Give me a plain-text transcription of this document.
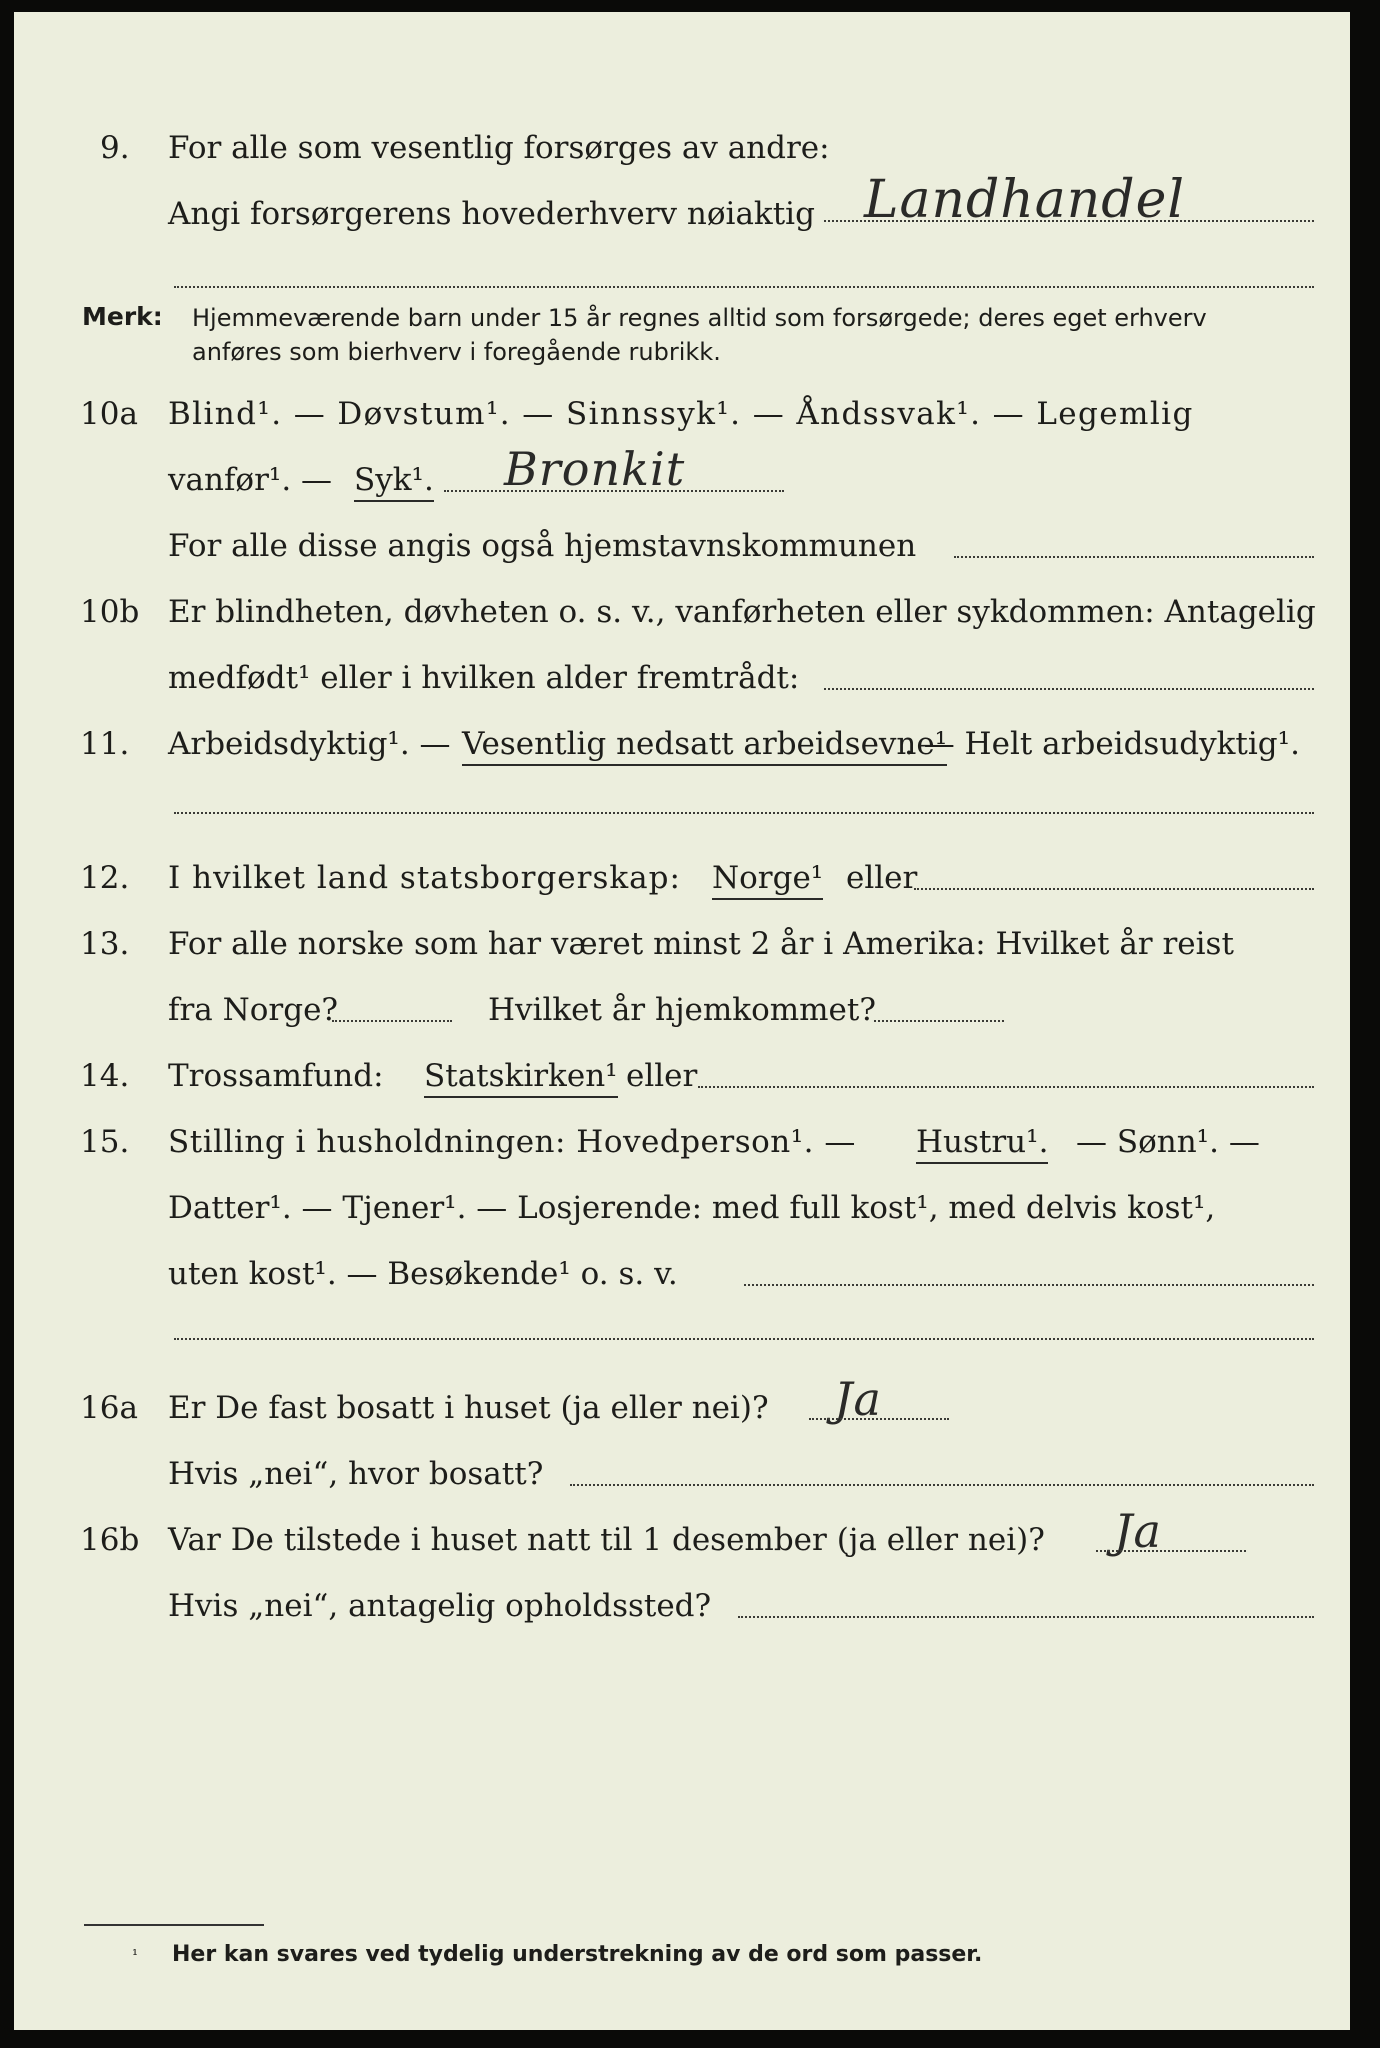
9. For alle som vesentlig forsørges av andre:
Angi forsørgerens hovederhverv nøiaktig Landhandel
Merk: Hjemmeværende barn under 15 år regnes alltid som forsørgede; deres eget erhverv
anføres som bierhverv i foregående rubrikk.
10a Blind¹. — Døvstum¹. — Sinnssyk¹. — Åndssvak¹. — Legemlig
vanfør¹. — Syk¹. Bronkit
For alle disse angis også hjemstavnskommunen
10b Er blindheten, døvheten o. s. v., vanførheten eller sykdommen: Antagelig
medfødt¹ eller i hvilken alder fremtrådt:
11. Arbeidsdyktig¹. — Vesentlig nedsatt arbeidsevne¹
. — Helt arbeidsudyktig¹.
12. I hvilket land statsborgerskap: Norge¹ eller
13. For alle norske som har været minst 2 år i Amerika: Hvilket år reist
fra Norge?	Hvilket år hjemkommet?
14. Trossamfund: Statskirken¹ eller
15. Stilling i husholdningen: Hovedperson¹. — Hustru¹. — Sønn¹. —
Datter¹. — Tjener¹. — Losjerende: med full kost¹, med delvis kost¹,
uten kost¹. — Besøkende¹ o. s. v.
16a Er De fast bosatt i huset (ja eller nei)? Ja
Hvis „nei“, hvor bosatt?
16b Var De tilstede i huset natt til 1 desember (ja eller nei)? Ja
Hvis „nei“, antagelig opholdssted?
¹ Her kan svares ved tydelig understrekning av de ord som passer.
